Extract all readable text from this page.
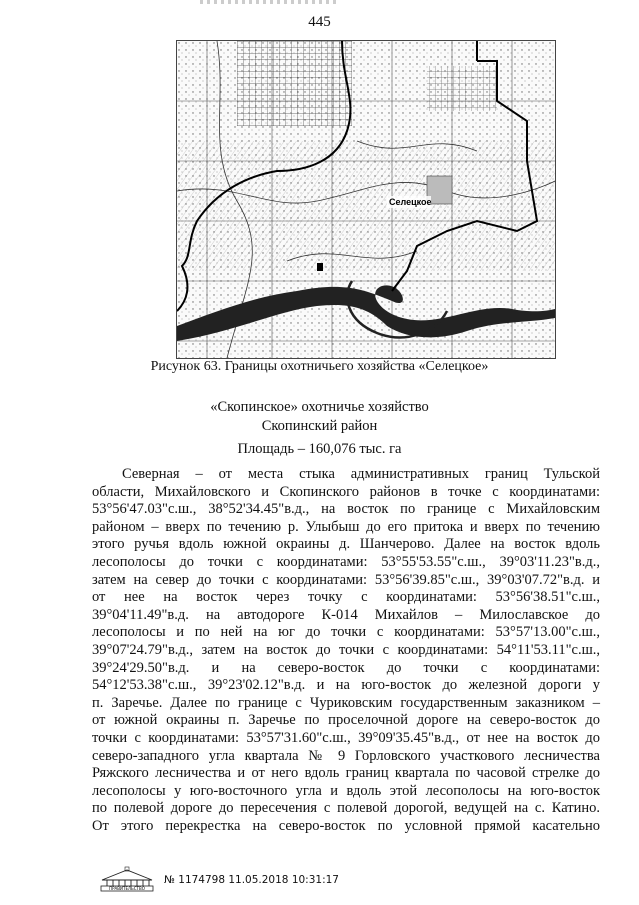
445
Селецкое
Рисунок 63. Границы охотничьего хозяйства «Селецкое»
«Скопинское» охотничье хозяйство
Скопинский район
Площадь – 160,076 тыс. га
Северная – от места стыка административных границ Тульской
области, Михайловского и Скопинского районов в точке с координатами:
53°56'47.03"с.ш., 38°52'34.45"в.д., на восток по границе с Михайловским
районом – вверх по течению р. Улыбыш до его притока и вверх по течению
этого ручья вдоль южной окраины д. Шанчерово. Далее на восток вдоль
лесополосы до точки с координатами: 53°55'53.55"с.ш., 39°03'11.23"в.д.,
затем на север до точки с координатами: 53°56'39.85"с.ш., 39°03'07.72"в.д. и
от нее на восток через точку с координатами: 53°56'38.51"с.ш.,
39°04'11.49"в.д. на автодороге К-014 Михайлов – Милославское до
лесополосы и по ней на юг до точки с координатами: 53°57'13.00"с.ш.,
39°07'24.79"в.д., затем на восток до точки с координатами: 54°11'53.11"с.ш.,
39°24'29.50"в.д. и на северо-восток до точки с координатами:
54°12'53.38"с.ш., 39°23'02.12"в.д. и на юго-восток до железной дороги у
п. Заречье. Далее по границе с Чуриковским государственным заказником –
от южной окраины п. Заречье по проселочной дороге на северо-восток до
точки с координатами: 53°57'31.60"с.ш., 39°09'35.45"в.д., от нее на восток до
северо-западного угла квартала № 9 Горловского участкового лесничества
Ряжского лесничества и от него вдоль границ квартала по часовой стрелке до
лесополосы у юго-восточного угла и вдоль этой лесополосы на юго-восток
по полевой дороге до пересечения с полевой дорогой, ведущей на с. Катино.
От этого перекрестка на северо-восток по условной прямой касательно
ПРАВИТЕЛЬСТВО
№ 1174798 11.05.2018 10:31:17
